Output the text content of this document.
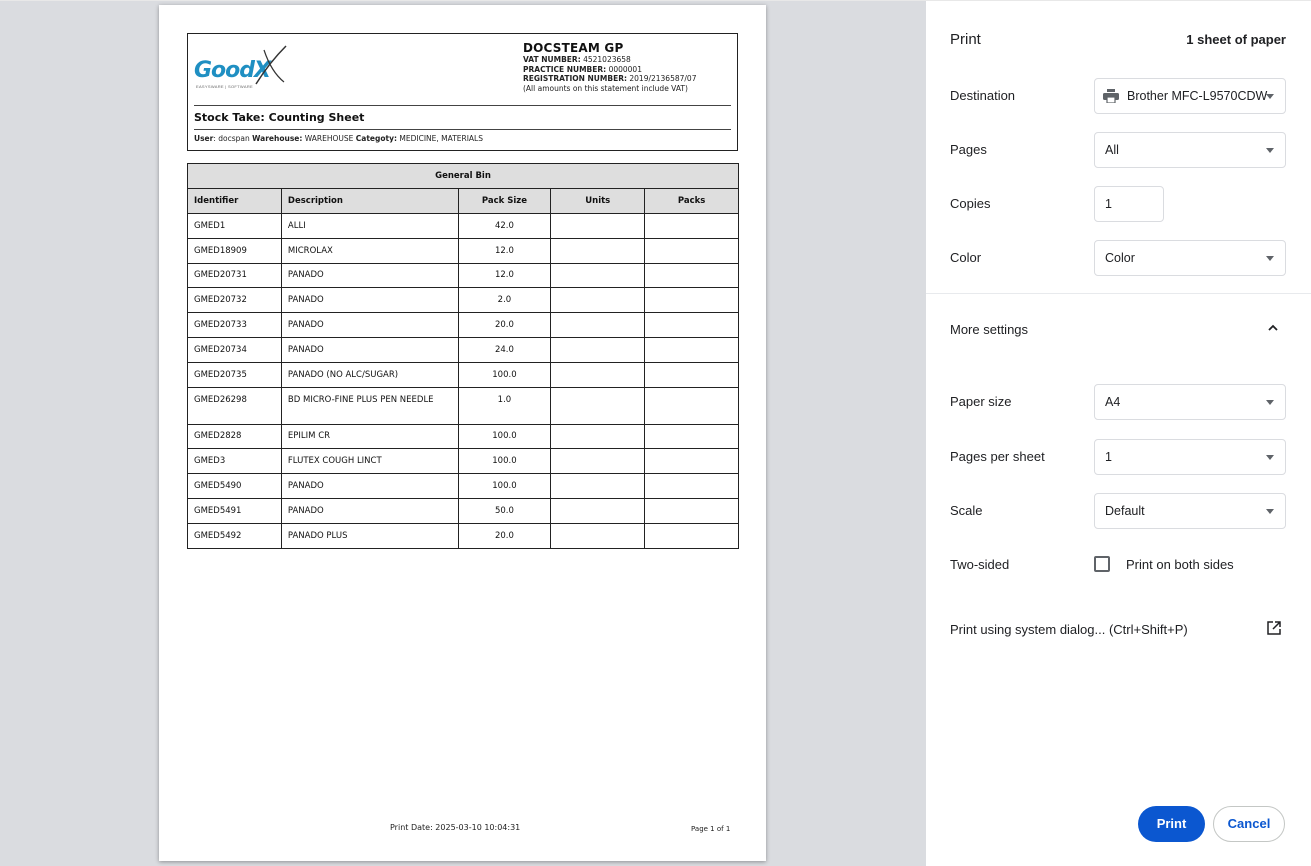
GoodX
EASYSWARE | SOFTWARE
DOCSTEAM GP
VAT NUMBER: 4521023658
PRACTICE NUMBER: 0000001
REGISTRATION NUMBER: 2019/2136587/07
(All amounts on this statement include VAT)
Stock Take: Counting Sheet
User: docspan Warehouse: WAREHOUSE Categoty: MEDICINE, MATERIALS
General Bin				
Identifier	Description	Pack Size	Units	Packs
GMED1	ALLI	42.0		
GMED18909	MICROLAX	12.0		
GMED20731	PANADO	12.0		
GMED20732	PANADO	2.0		
GMED20733	PANADO	20.0		
GMED20734	PANADO	24.0		
GMED20735	PANADO (NO ALC/SUGAR)	100.0		
GMED26298	BD MICRO-FINE PLUS PEN NEEDLE	1.0		
GMED2828	EPILIM CR	100.0		
GMED3	FLUTEX COUGH LINCT	100.0		
GMED5490	PANADO	100.0		
GMED5491	PANADO	50.0		
GMED5492	PANADO PLUS	20.0		
Print Date: 2025-03-10 10:04:31	Page 1 of 1
Print	1 sheet of paper
Destination	Brother MFC-L9570CDW
Pages	All
Copies	1
Color	Color
More settings
Paper size	A4
Pages per sheet	1
Scale	Default
Two-sided	Print on both sides
Print using system dialog... (Ctrl+Shift+P)
Print	Cancel
